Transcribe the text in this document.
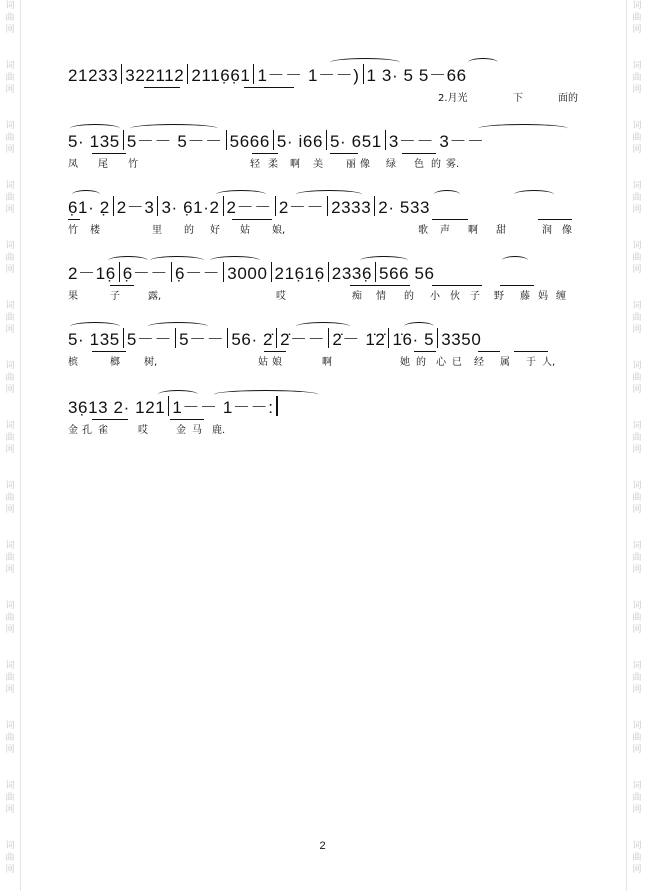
词
曲
网
词
曲
网
词
曲
网
词
曲
网
词
曲
网
词
曲
网
词
曲
网
词
曲
网
词
曲
网
词
曲
网
词
曲
网
词
曲
网
词
曲
网
词
曲
网
词
曲
网
词
曲
网
词
曲
网
词
曲
网
词
曲
网
词
曲
网
词
曲
网
词
曲
网
词
曲
网
词
曲
网
词
曲
网
词
曲
网
词
曲
网
词
曲
网
词
曲
网
词
曲
网
21233 322112 2116̣6̣1 1－－ 1－－) 1 3· 5 5－66
2.月光	下	面的
5· 135 5－－ 5－－ 5666 5· i66 5· 651 3－－ 3－－
凤 尾 竹	轻 柔 啊 美 丽 像 绿 色 的 雾.
6̣1· 2̣ 2－3 3· 6̣1·2 2－－ 2－－ 2333 2· 533
竹 楼	里 的 好 姑 娘,	歌 声 啊 甜	润 像
2－16̣ 6̣－－ 6̣－－ 3000 216̣16̣ 2336̣ 566 56
果	子	露,	哎	痴 情 的 小 伙 子 野 藤 妈 缠
5· 135 5－－ 5－－ 56· 2̇ 2̇－－ 2̇－ 1̇2̇ 1̇6· 5 3350
槟	榔 树,	姑 娘	啊	她 的 心 已 经 属 于 人,
36̣13 2· 121 1－－ 1－－:
金 孔 雀	哎	金 马 鹿.
2
